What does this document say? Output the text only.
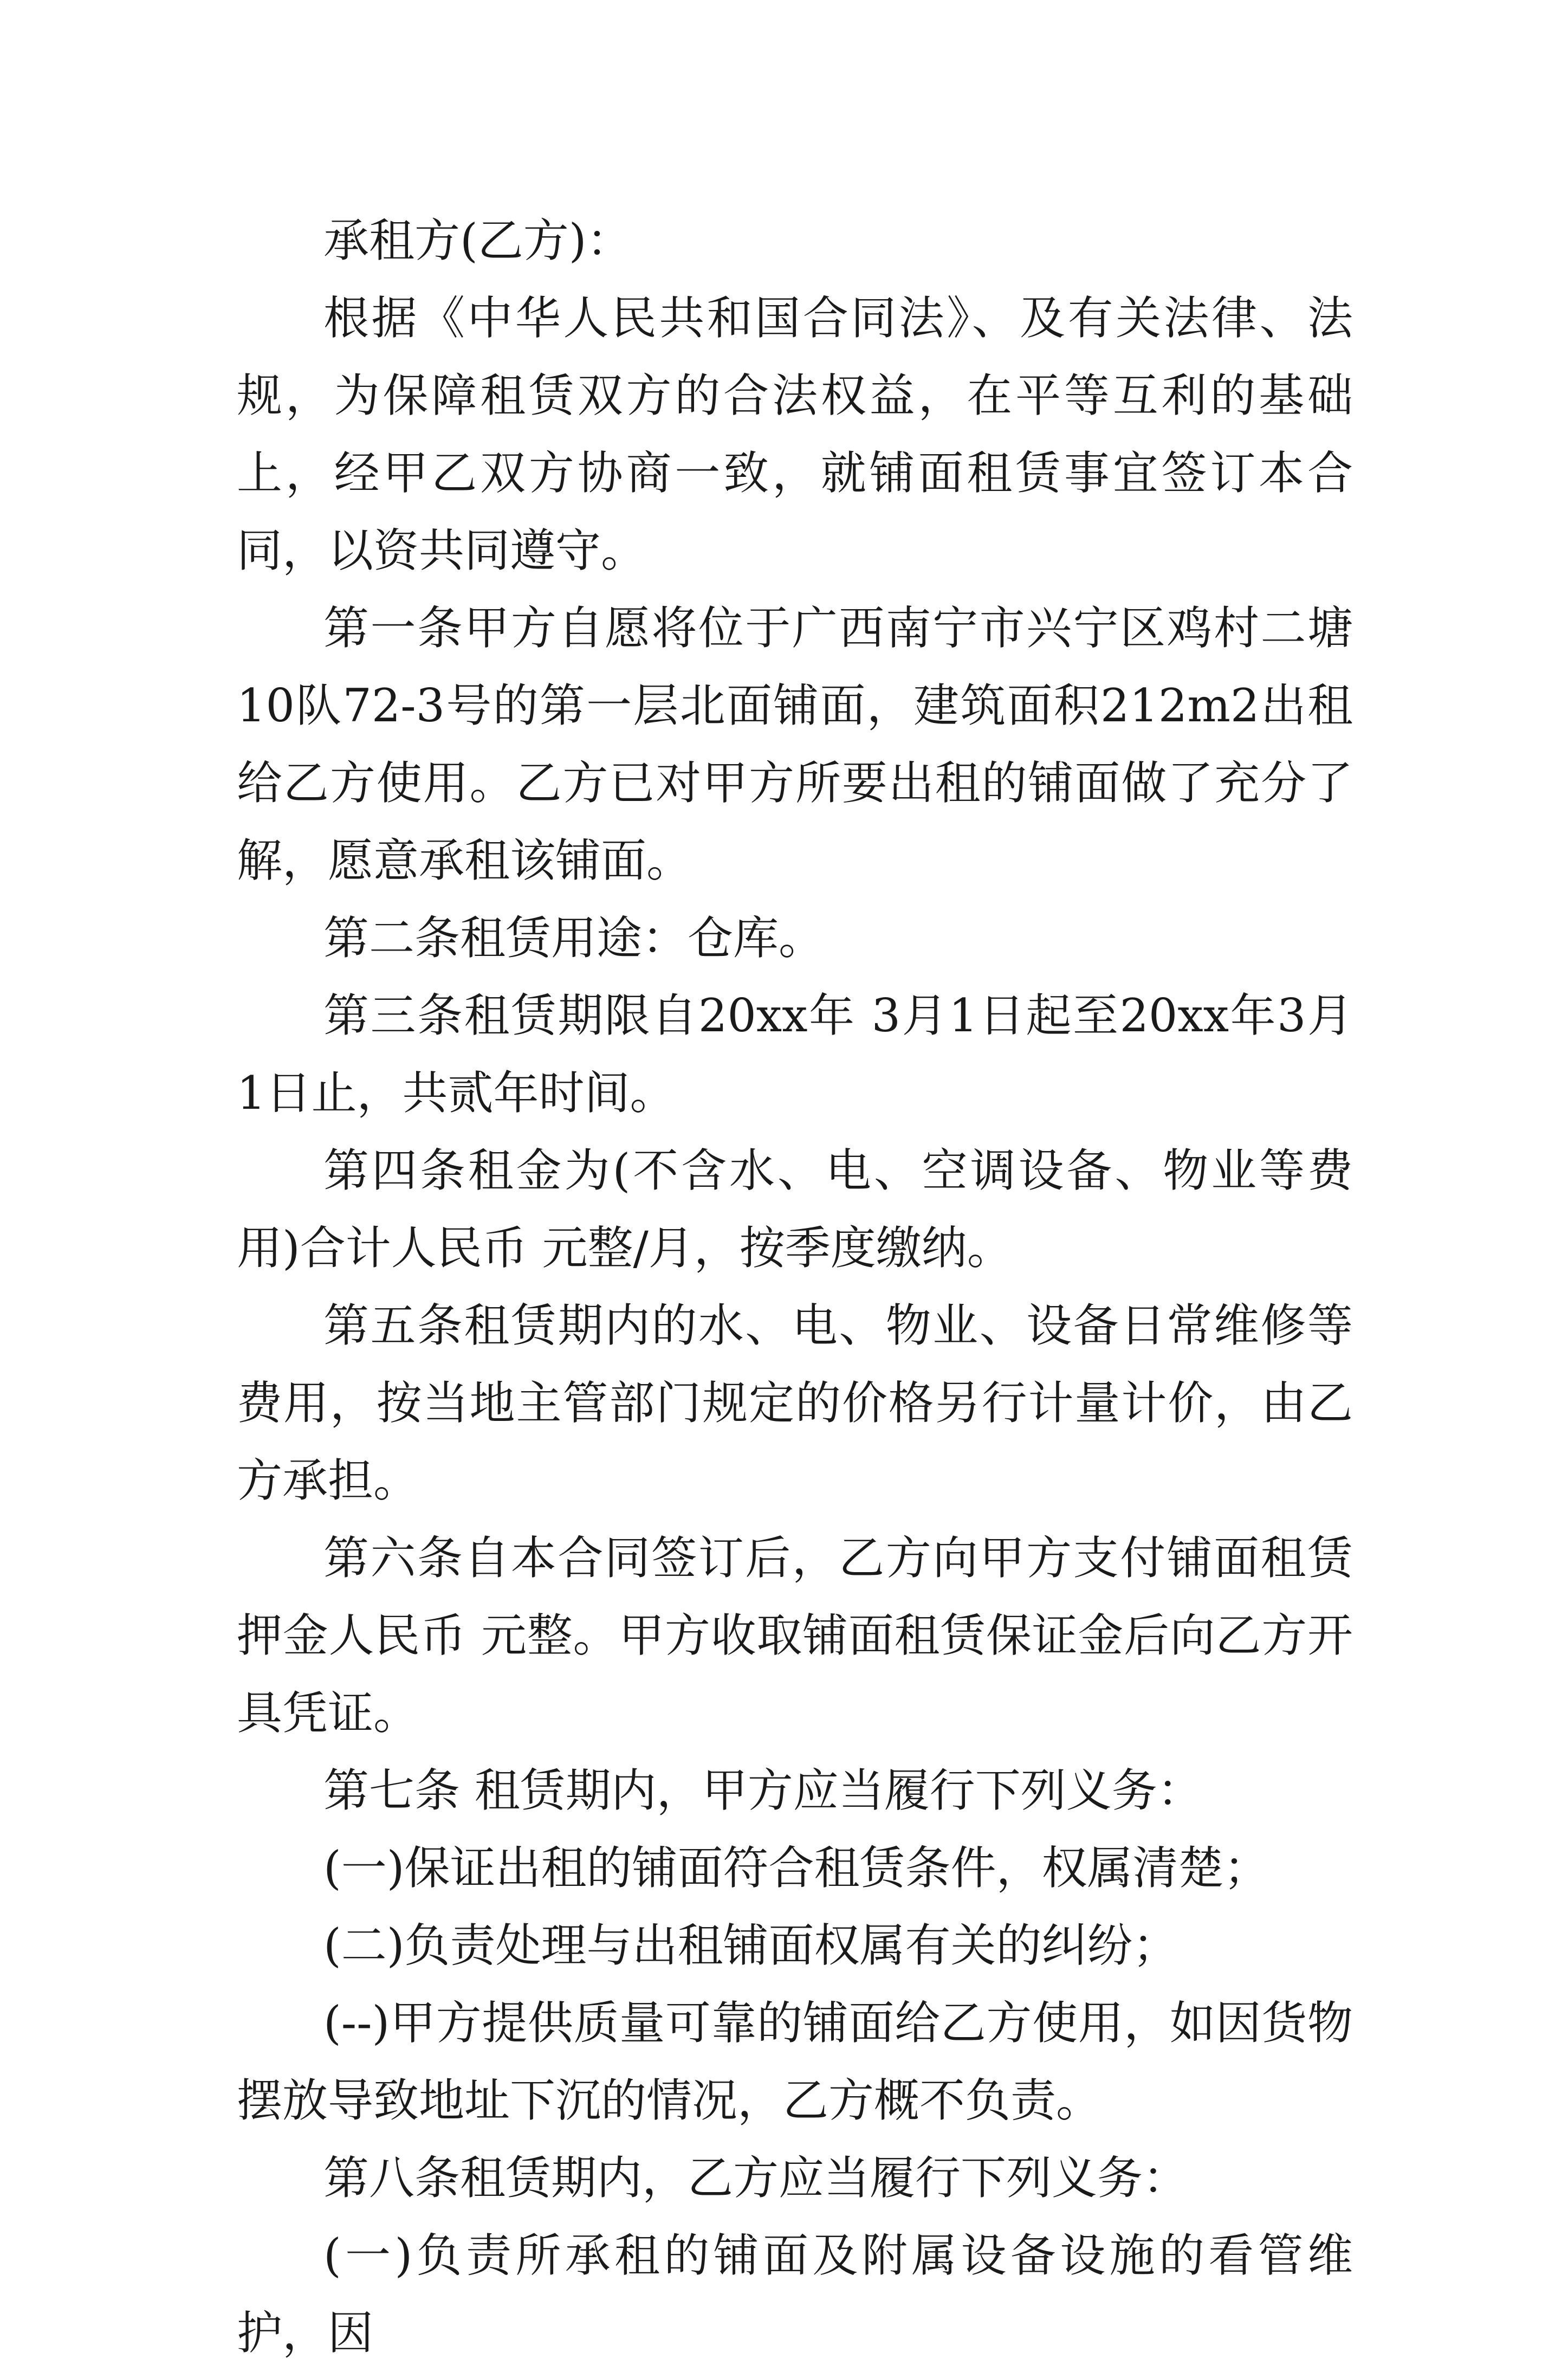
承租方(乙方)：

根据《中华人民共和国合同法》、及有关法律、法规，为保障租赁双方的合法权益，在平等互利的基础上，经甲乙双方协商一致，就铺面租赁事宜签订本合同，以资共同遵守。

第一条甲方自愿将位于广西南宁市兴宁区鸡村二塘10队72-3号的第一层北面铺面，建筑面积212m2出租给乙方使用。乙方已对甲方所要出租的铺面做了充分了解，愿意承租该铺面。

第二条租赁用途：仓库。

第三条租赁期限自20xx年 3月1日起至20xx年3月 1日止，共贰年时间。

第四条租金为(不含水、电、空调设备、物业等费用)合计人民币 元整/月，按季度缴纳。

第五条租赁期内的水、电、物业、设备日常维修等费用，按当地主管部门规定的价格另行计量计价，由乙方承担。

第六条自本合同签订后，乙方向甲方支付铺面租赁押金人民币 元整。甲方收取铺面租赁保证金后向乙方开具凭证。

第七条 租赁期内，甲方应当履行下列义务：

(一)保证出租的铺面符合租赁条件，权属清楚；

(二)负责处理与出租铺面权属有关的纠纷；

(--)甲方提供质量可靠的铺面给乙方使用，如因货物摆放导致地址下沉的情况，乙方概不负责。

第八条租赁期内，乙方应当履行下列义务：

(一)负责所承租的铺面及附属设备设施的看管维护，因
